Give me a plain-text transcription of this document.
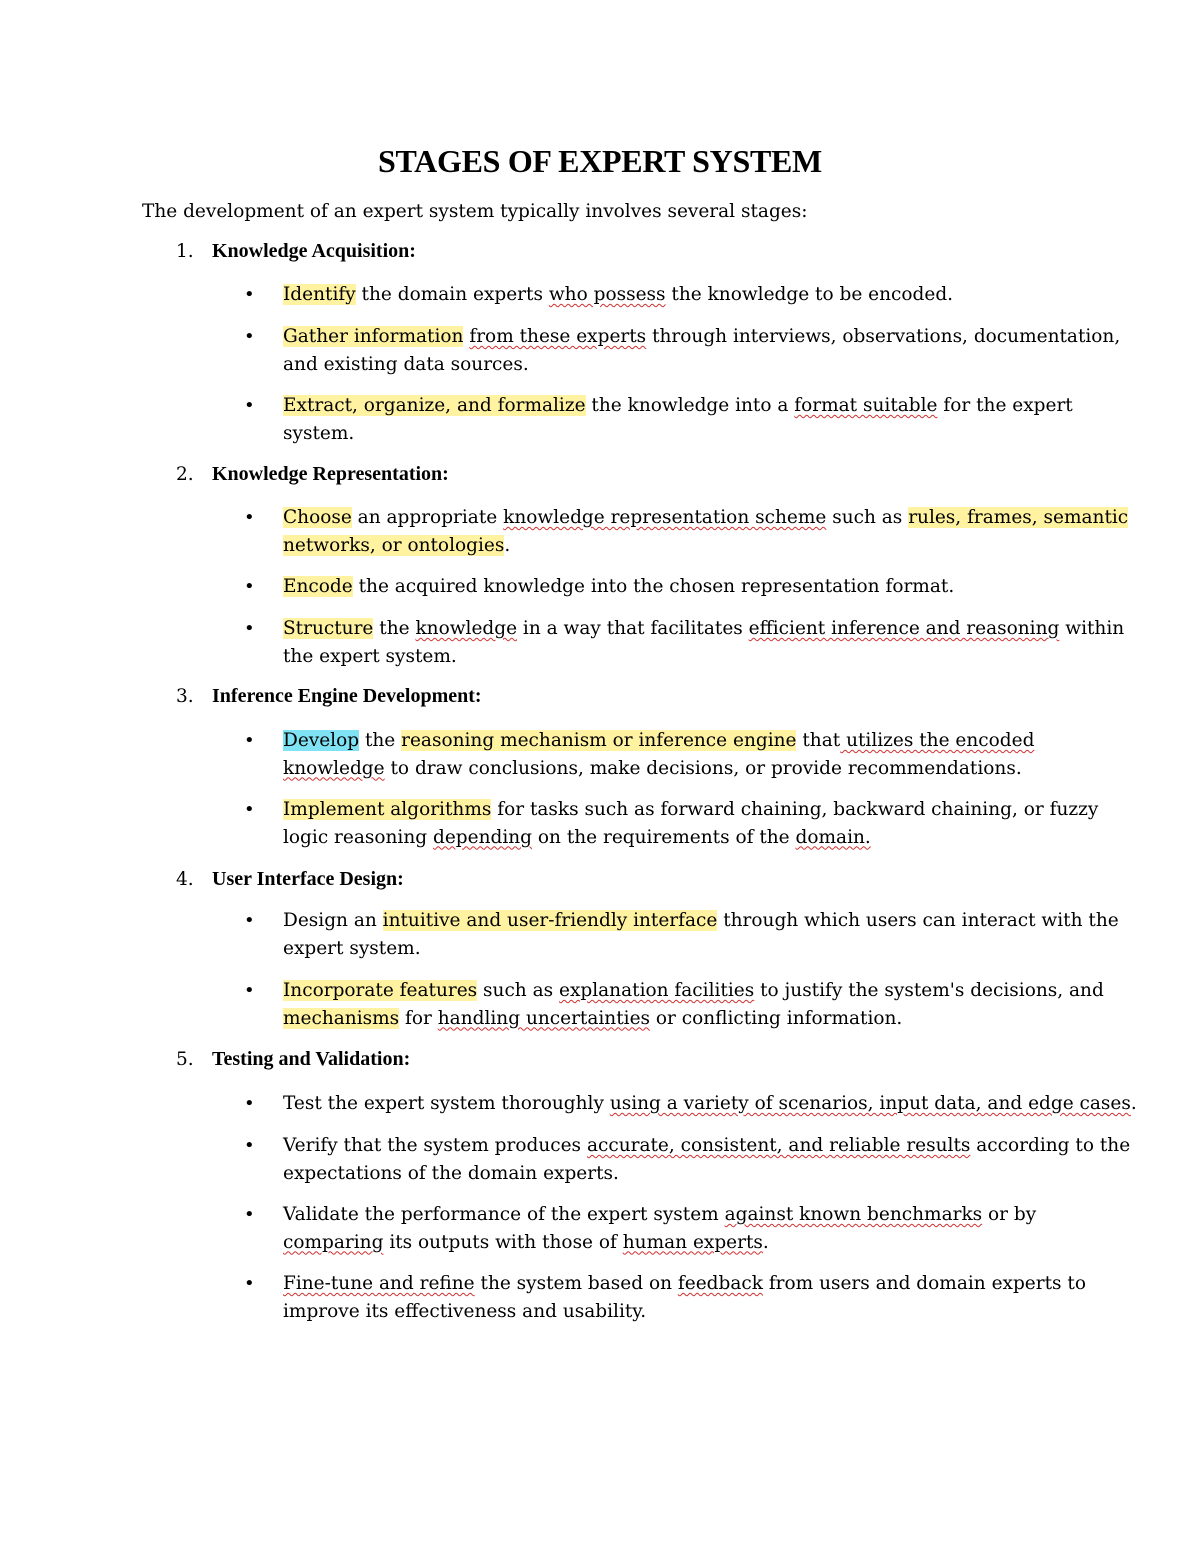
STAGES OF EXPERT SYSTEM
The development of an expert system typically involves several stages:
1. Knowledge Acquisition:
• Identify the domain experts who possess the knowledge to be encoded.
• Gather information from these experts through interviews, observations, documentation,
and existing data sources.
• Extract, organize, and formalize the knowledge into a format suitable for the expert
system.
2. Knowledge Representation:
• Choose an appropriate knowledge representation scheme such as rules, frames, semantic
networks, or ontologies.
• Encode the acquired knowledge into the chosen representation format.
• Structure the knowledge in a way that facilitates efficient inference and reasoning within
the expert system.
3. Inference Engine Development:
• Develop the reasoning mechanism or inference engine that utilizes the encoded
knowledge to draw conclusions, make decisions, or provide recommendations.
• Implement algorithms for tasks such as forward chaining, backward chaining, or fuzzy
logic reasoning depending on the requirements of the domain.
4. User Interface Design:
• Design an intuitive and user-friendly interface through which users can interact with the
expert system.
• Incorporate features such as explanation facilities to justify the system's decisions, and
mechanisms for handling uncertainties or conflicting information.
5. Testing and Validation:
• Test the expert system thoroughly using a variety of scenarios, input data, and edge cases.
• Verify that the system produces accurate, consistent, and reliable results according to the
expectations of the domain experts.
• Validate the performance of the expert system against known benchmarks or by
comparing its outputs with those of human experts.
• Fine-tune and refine the system based on feedback from users and domain experts to
improve its effectiveness and usability.
